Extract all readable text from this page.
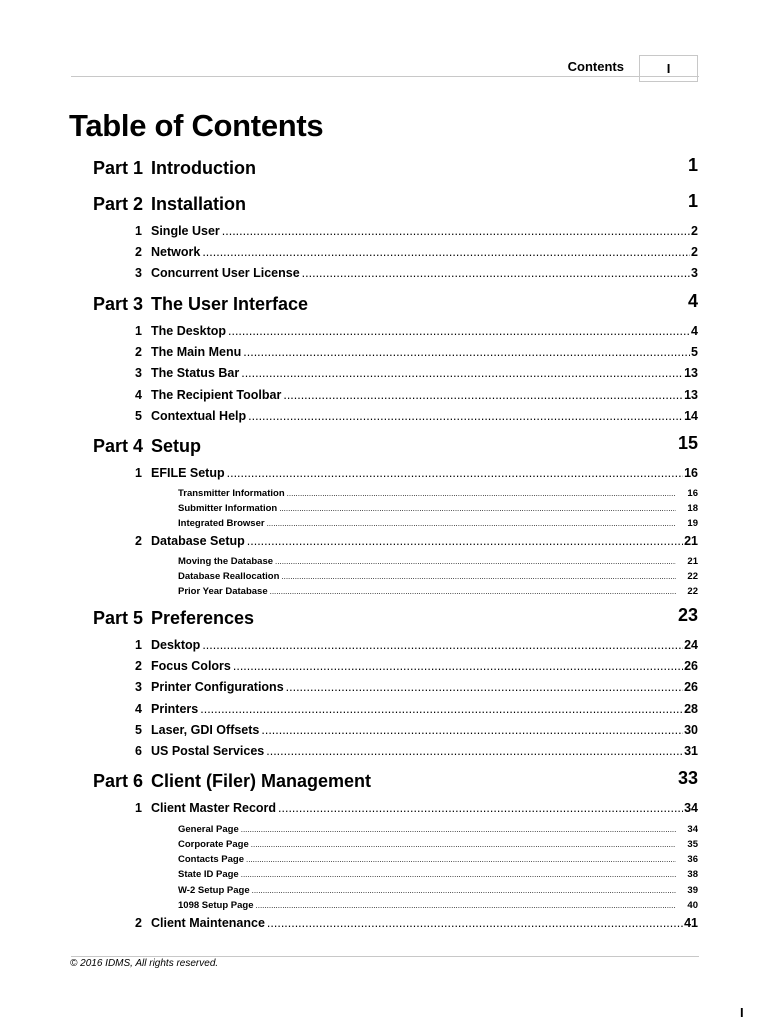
Contents	I
Table of Contents
Part 1 Introduction	1
Part 2 Installation	1
1 Single User .....	2
2 Network .....	2
3 Concurrent User License .....	3
Part 3 The User Interface	4
1 The Desktop .....	4
2 The Main Menu .....	5
3 The Status Bar .....	13
4 The Recipient Toolbar .....	13
5 Contextual Help .....	14
Part 4 Setup	15
1 EFILE Setup .....	16
Transmitter Information .....	16
Submitter Information .....	18
Integrated Browser .....	19
2 Database Setup .....	21
Moving the Database .....	21
Database Reallocation .....	22
Prior Year Database .....	22
Part 5 Preferences	23
1 Desktop .....	24
2 Focus Colors .....	26
3 Printer Configurations .....	26
4 Printers .....	28
5 Laser, GDI Offsets .....	30
6 US Postal Services .....	31
Part 6 Client (Filer) Management	33
1 Client Master Record .....	34
General Page .....	34
Corporate Page .....	35
Contacts Page .....	36
State ID Page .....	38
W-2 Setup Page .....	39
1098 Setup Page .....	40
2 Client Maintenance .....	41
© 2016 IDMS, All rights reserved.
I
